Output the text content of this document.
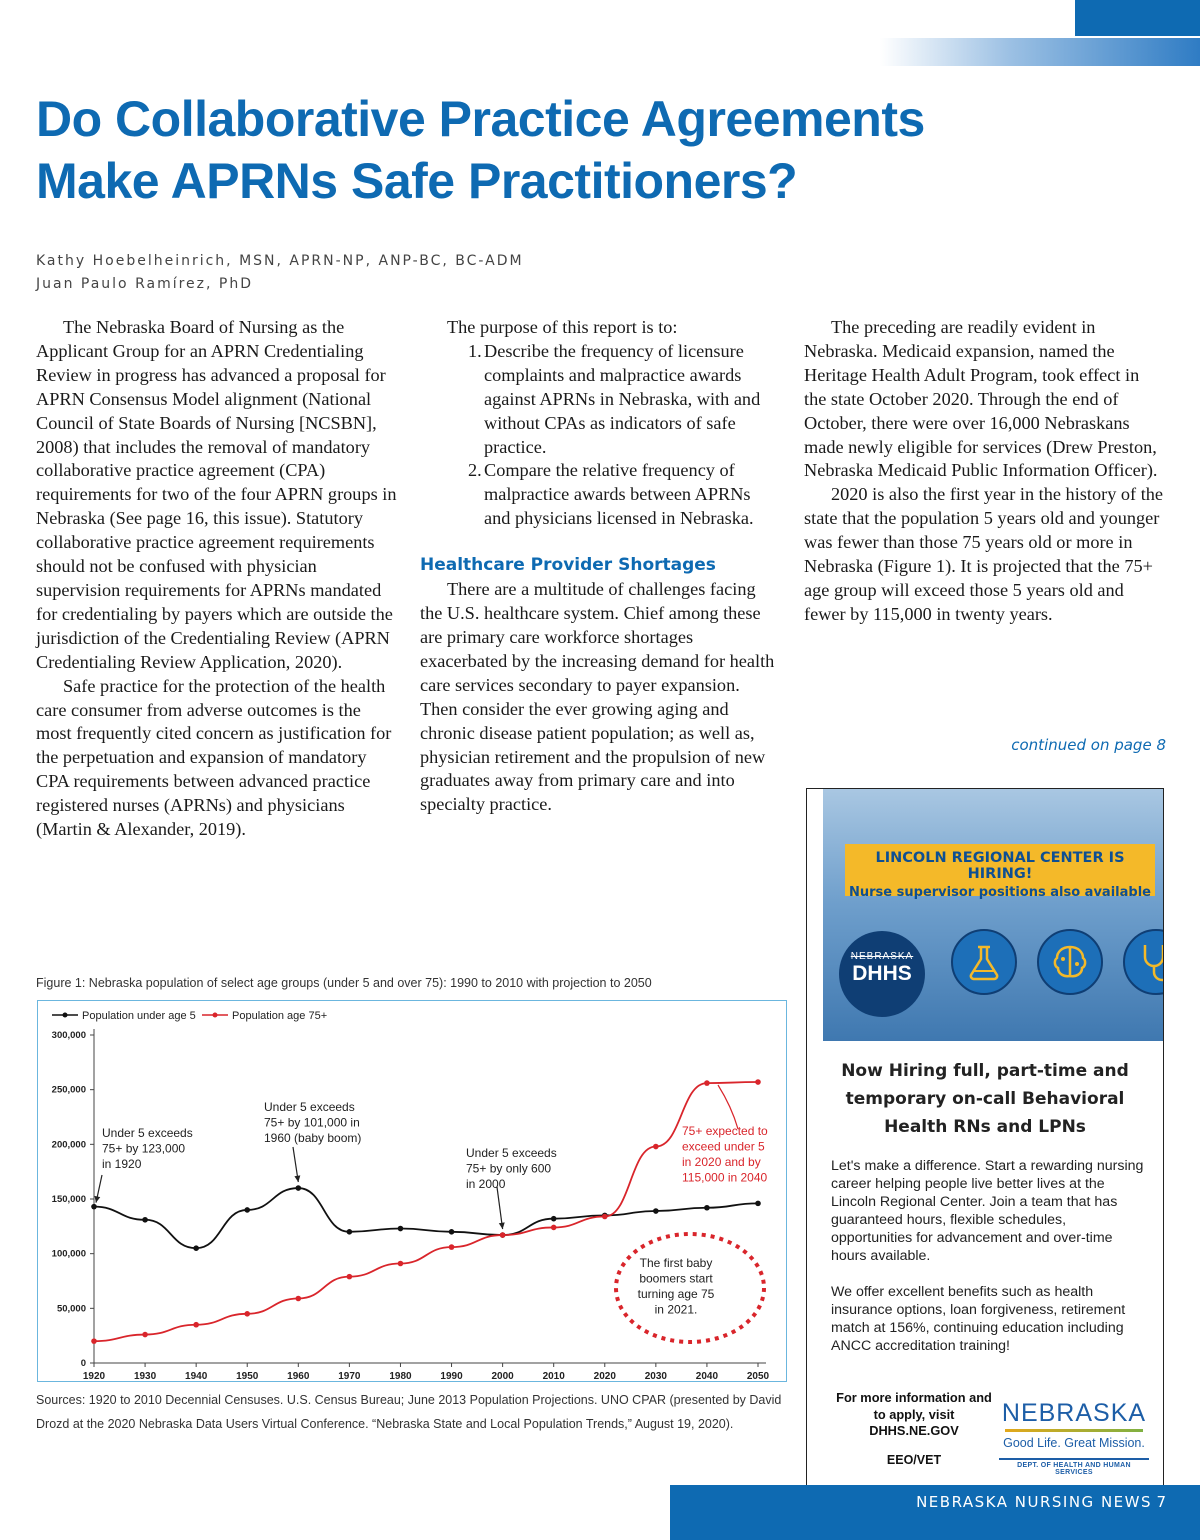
Do Collaborative Practice Agreements
Make APRNs Safe Practitioners?
Kathy Hoebelheinrich, MSN, APRN-NP, ANP-BC, BC-ADM
Juan Paulo Ramírez, PhD

The Nebraska Board of Nursing as the Applicant Group for an APRN Credentialing Review in progress has advanced a proposal for APRN Consensus Model alignment (National Council of State Boards of Nursing [NCSBN], 2008) that includes the removal of mandatory collaborative practice agreement (CPA) requirements for two of the four APRN groups in Nebraska (See page 16, this issue). Statutory collaborative practice agreement requirements should not be confused with physician supervision requirements for APRNs mandated for credentialing by payers which are outside the jurisdiction of the Credentialing Review (APRN Credentialing Review Application, 2020).

Safe practice for the protection of the health care consumer from adverse outcomes is the most frequently cited concern as justification for the perpetuation and expansion of mandatory CPA requirements between advanced practice registered nurses (APRNs) and physicians (Martin & Alexander, 2019).

The purpose of this report is to:

1 . Describe the frequency of licensure complaints and malpractice awards against APRNs in Nebraska, with and without CPAs as indicators of safe practice.
2 . Compare the relative frequency of malpractice awards between APRNs and physicians licensed in Nebraska.
Healthcare Provider Shortages

There are a multitude of challenges facing the U.S. healthcare system. Chief among these are primary care workforce shortages exacerbated by the increasing demand for health care services secondary to payer expansion. Then consider the ever growing aging and chronic disease patient population; as well as, physician retirement and the propulsion of new graduates away from primary care and into specialty practice.

The preceding are readily evident in Nebraska. Medicaid expansion, named the Heritage Health Adult Program, took effect in the state October 2020. Through the end of October, there were over 16,000 Nebraskans made newly eligible for services (Drew Preston, Nebraska Medicaid Public Information Officer).

2020 is also the first year in the history of the state that the population 5 years old and younger was fewer than those 75 years old or more in Nebraska (Figure 1). It is projected that the 75+ age group will exceed those 5 years old and fewer by 115,000 in twenty years.

continued on page 8
Figure 1: Nebraska population of select age groups (under 5 and over 75): 1990 to 2010 with projection to 2050
0
50,000
100,000
150,000
200,000
250,000
300,000
1920	1930	1940	1950	1960	1970	1980	1990	2000	2010	2020	2030	2040	2050
Population under age 5	Population age 75+
Under 5 exceeds
75+ by 123,000
in 1920
Under 5 exceeds
75+ by 101,000 in
1960 (baby boom)
Under 5 exceeds
75+ by only 600
in 2000
75+ expected to
exceed under 5
in 2020 and by
115,000 in 2040
The first baby
boomers start
turning age 75
in 2021.
Sources: 1920 to 2010 Decennial Censuses. U.S. Census Bureau; June 2013 Population Projections. UNO CPAR (presented by David Drozd at the 2020 Nebraska Data Users Virtual Conference. “Nebraska State and Local Population Trends,” August 19, 2020).
LINCOLN REGIONAL CENTER IS HIRING!
Nurse supervisor positions also available
NEBRASKA
DHHS
Now Hiring full, part-time and
temporary on-call Behavioral
Health RNs and LPNs
Let's make a difference. Start a rewarding nursing career helping people live better lives at the Lincoln Regional Center. Join a team that has guaranteed hours, flexible schedules, opportunities for advancement and over-time hours available.
We offer excellent benefits such as health insurance options, loan forgiveness, retirement match at 156%, continuing education including ANCC accreditation training!
For more information and
to apply, visit
DHHS.NE.GOV
EEO/VET
NEBRASKA
Good Life. Great Mission.
DEPT. OF HEALTH AND HUMAN SERVICES
NEBRASKA NURSING NEWS 7
